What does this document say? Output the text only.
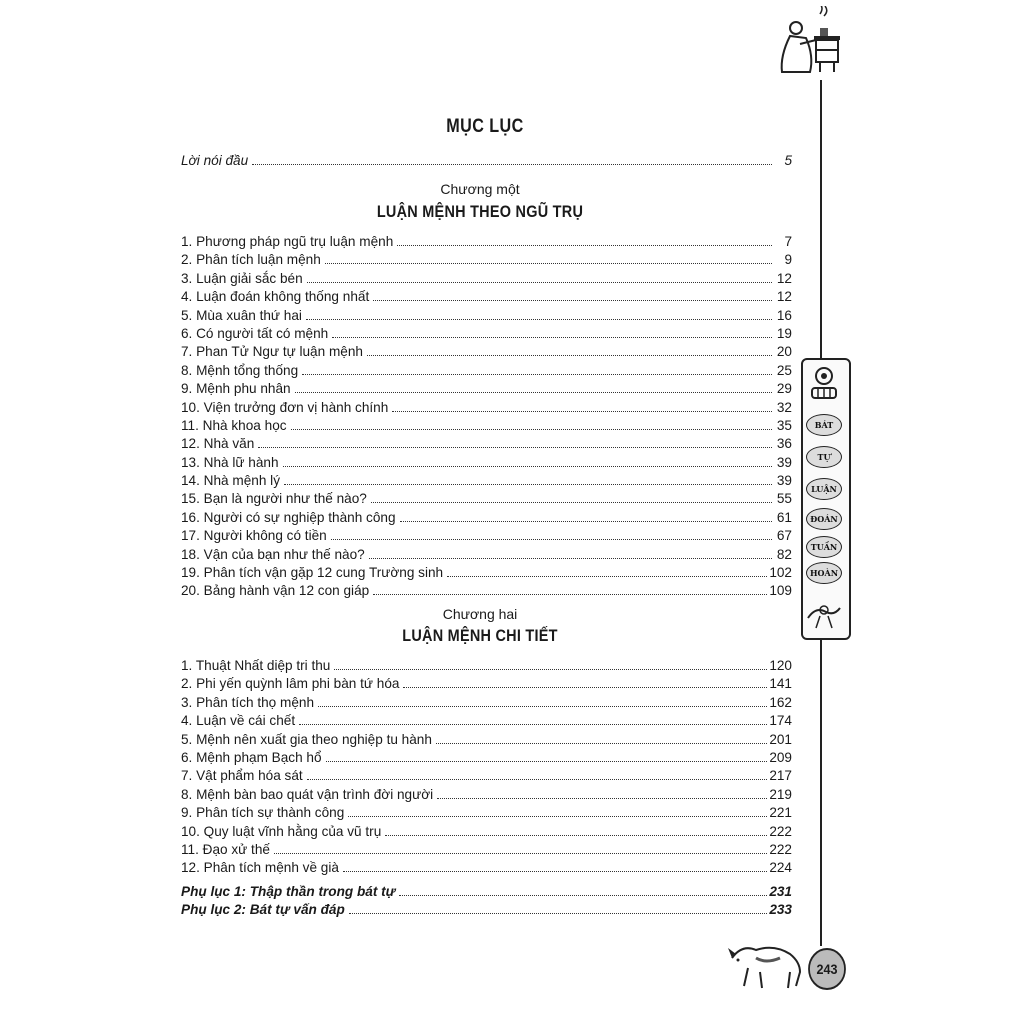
MỤC LỤC
Lời nói đầu	5
Chương một
LUẬN MỆNH THEO NGŨ TRỤ
1. Phương pháp ngũ trụ luận mệnh	7
2. Phân tích luận mệnh	9
3. Luận giải sắc bén	12
4. Luận đoán không thống nhất	12
5. Mùa xuân thứ hai	16
6. Có người tất có mệnh	19
7. Phan Tử Ngư tự luận mệnh	20
8. Mệnh tổng thống	25
9. Mệnh phu nhân	29
10. Viện trưởng đơn vị hành chính	32
11. Nhà khoa học	35
12. Nhà văn	36
13. Nhà lữ hành	39
14. Nhà mệnh lý	39
15. Bạn là người như thế nào?	55
16. Người có sự nghiệp thành công	61
17. Người không có tiền	67
18. Vận của bạn như thế nào?	82
19. Phân tích vận gặp 12 cung Trường sinh	102
20. Bảng hành vận 12 con giáp	109
Chương hai
LUẬN MỆNH CHI TIẾT
1. Thuật Nhất diệp tri thu	120
2. Phi yến quỳnh lâm phi bàn tứ hóa	141
3. Phân tích thọ mệnh	162
4. Luận về cái chết	174
5. Mệnh nên xuất gia theo nghiệp tu hành	201
6. Mệnh phạm Bạch hổ	209
7. Vật phẩm hóa sát	217
8. Mệnh bàn bao quát vận trình đời người	219
9. Phân tích sự thành công	221
10. Quy luật vĩnh hằng của vũ trụ	222
11. Đạo xử thế	222
12. Phân tích mệnh về già	224
Phụ lục 1: Thập thần trong bát tự	231
Phụ lục 2: Bát tự vấn đáp	233
BÁT
TỰ
LUẬN
ĐOÁN
TUẦN
HOÀN
243
